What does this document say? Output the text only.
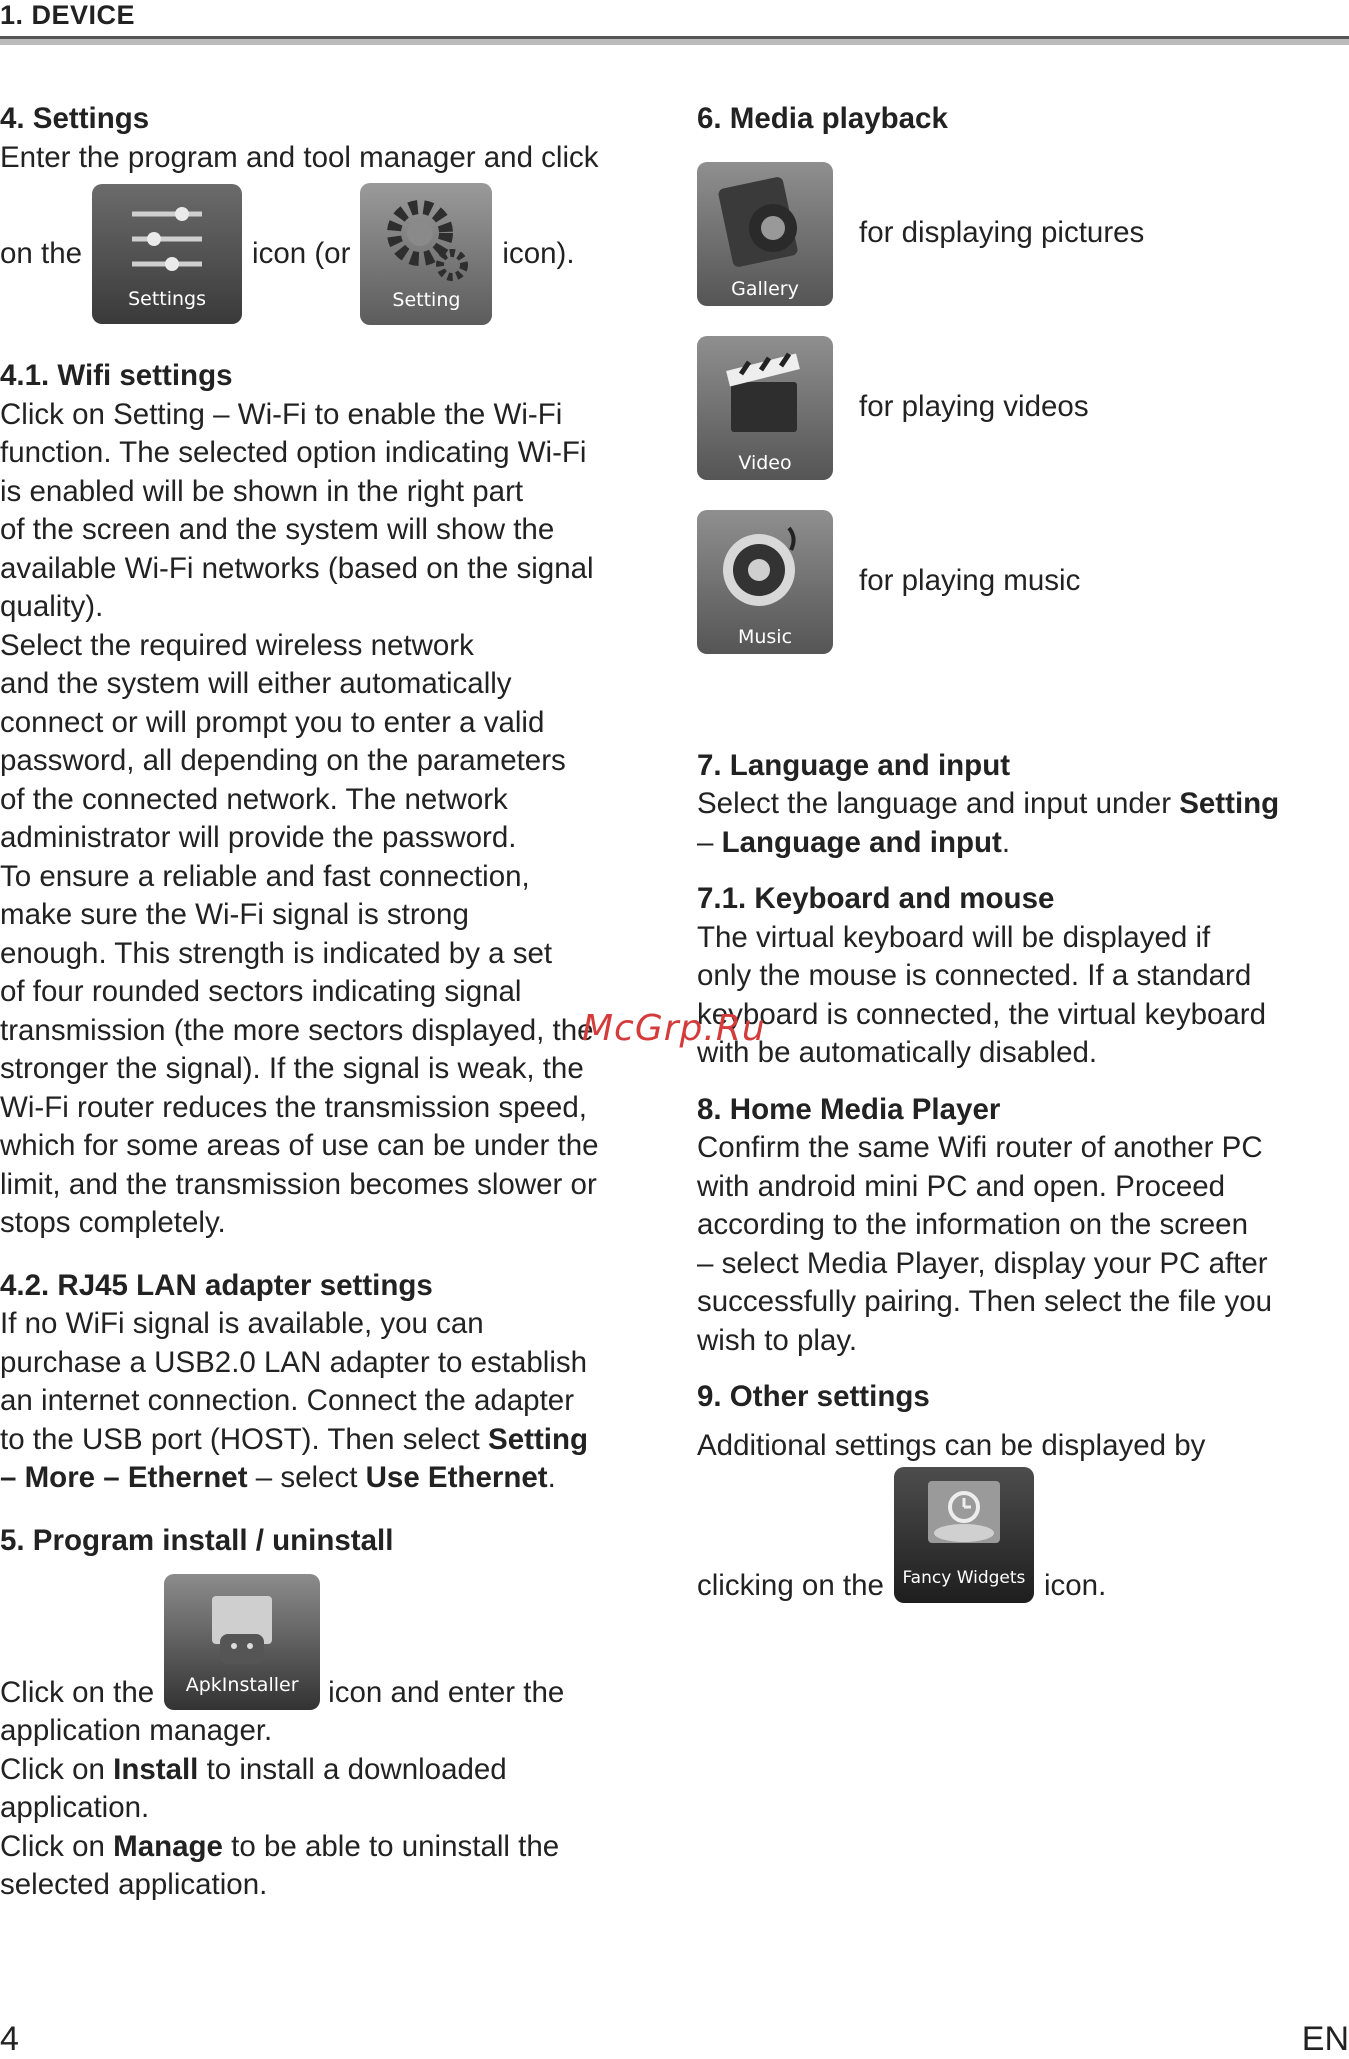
1. DEVICE
4. Settings

Enter the program and tool manager and click

on the
Settings
icon (or
Setting
icon).
4.1. Wifi settings

Click on Setting – Wi-Fi to enable the Wi-Fi

function. The selected option indicating Wi-Fi

is enabled will be shown in the right part

of the screen and the system will show the

available Wi-Fi networks (based on the signal

quality).

Select the required wireless network

and the system will either automatically

connect or will prompt you to enter a valid

password, all depending on the parameters

of the connected network. The network

administrator will provide the password.

To ensure a reliable and fast connection,

make sure the Wi-Fi signal is strong

enough. This strength is indicated by a set

of four rounded sectors indicating signal

transmission (the more sectors displayed, the

stronger the signal). If the signal is weak, the

Wi-Fi router reduces the transmission speed,

which for some areas of use can be under the

limit, and the transmission becomes slower or

stops completely.

4.2. RJ45 LAN adapter settings

If no WiFi signal is available, you can

purchase a USB2.0 LAN adapter to establish

an internet connection. Connect the adapter

to the USB port (HOST). Then select Setting

– More – Ethernet – select Use Ethernet.

5. Program install / uninstall
Click on the	ApkInstaller	icon and enter the

application manager.

Click on Install to install a downloaded

application.

Click on Manage to be able to uninstall the

selected application.

6. Media playback
Gallery
for displaying pictures
Video
for playing videos
Music
for playing music
7. Language and input

Select the language and input under Setting

– Language and input.

7.1. Keyboard and mouse

The virtual keyboard will be displayed if

only the mouse is connected. If a standard

keyboard is connected, the virtual keyboard

with be automatically disabled.

8. Home Media Player

Confirm the same Wifi router of another PC

with android mini PC and open. Proceed

according to the information on the screen

– select Media Player, display your PC after

successfully pairing. Then select the file you

wish to play.

9. Other settings

Additional settings can be displayed by

clicking on the	Fancy Widgets icon.
McGrp.Ru
4	EN
